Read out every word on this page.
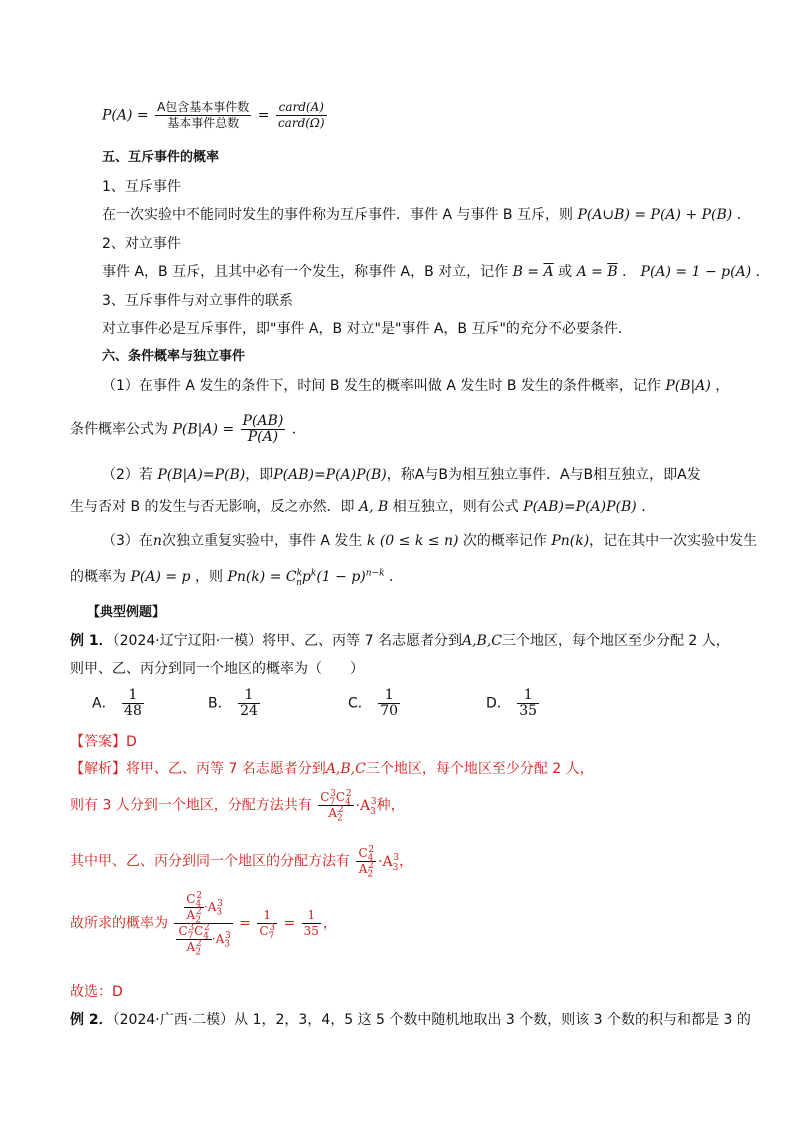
$P(A) = \frac{\text{A包含基本事件数}}{\text{基本事件总数}} = \frac{\text{card(A)}}{\text{card(Ω)}}$
五、互斥事件的概率
1、互斥事件
在一次实验中不能同时发生的事件称为互斥事件．事件 A 与事件 B 互斥，则 P(A∪B) = P(A) + P(B) ．
2、对立事件
事件 A，B 互斥，且其中必有一个发生，称事件 A，B 对立，记作 $B = \overline{A}$ 或 $A = \overline{B}$ ． P(A) = 1 − p(A) ．
3、互斥事件与对立事件的联系
对立事件必是互斥事件，即"事件 A，B 对立"是"事件 A，B 互斥"的充分不必要条件．
六、条件概率与独立事件
（1）在事件 A 发生的条件下，时间 B 发生的概率叫做 A 发生时 B 发生的条件概率，记作 P(B|A) ，
条件概率公式为 $P(B|A) = \frac{P(AB)}{P(A)}$ ．
（2）若 P(B|A)=P(B)，即P(AB)=P(A)P(B)，称A与B为相互独立事件．A与B相互独立，即A发
生与否对 B 的发生与否无影响，反之亦然．即 A, B 相互独立，则有公式 P(AB)=P(A)P(B) ．
（3）在n次独立重复实验中，事件 A 发生 k (0 ≤ k ≤ n) 次的概率记作 Pn(k)，记在其中一次实验中发生
的概率为 P(A) = p ，则 $Pn(k) = C^k_np^k(1 - p)^{n-k}$ ．
【典型例题】
例 1．（2024·辽宁辽阳·一模）将甲、乙、丙等 7 名志愿者分到A,B,C三个地区，每个地区至少分配 2 人，
则甲、乙、丙分到同一个地区的概率为（　　）
A． $\frac{1}{48}$	B． $\frac{1}{24}$	C． $\frac{1}{70}$	D． $\frac{1}{35}$
【答案】D
【解析】将甲、乙、丙等 7 名志愿者分到A,B,C三个地区，每个地区至少分配 2 人，
则有 3 人分到一个地区，分配方法共有 $\frac{C_7^3C_4^2}{A_2^2} \cdot A_3^3$种，
其中甲、乙、丙分到同一个地区的分配方法有 $\frac{C_4^2}{A_2^2} \cdot A_3^3$，
故所求的概率为 $\frac{\frac{C_4^2}{A_2^2} \cdot A_3^3}{\frac{C_7^3C_4^2}{A_2^2} \cdot A_3^3} = \frac{1}{C_7^3} = \frac{1}{35}$ ，
故选：D
例 2．（2024·广西·二模）从 1，2，3，4，5 这 5 个数中随机地取出 3 个数，则该 3 个数的积与和都是 3 的
